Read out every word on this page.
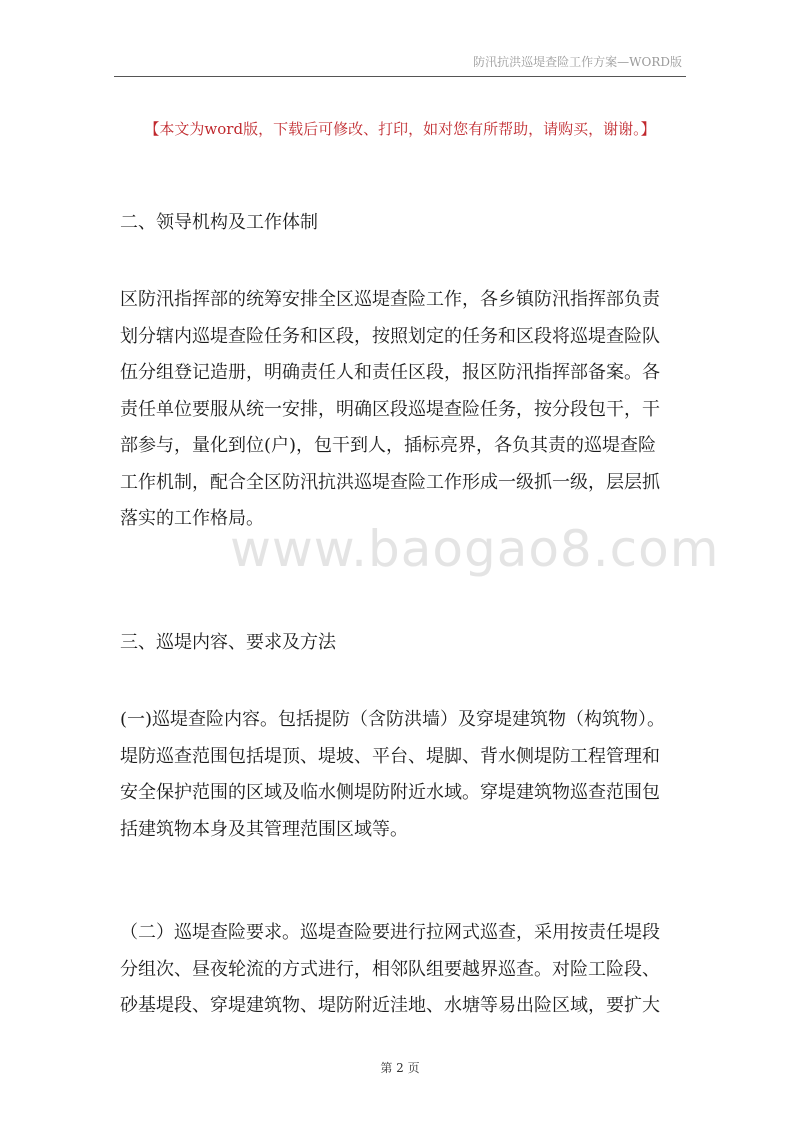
防汛抗洪巡堤查险工作方案—WORD版
【本文为word版，下载后可修改、打印，如对您有所帮助，请购买，谢谢。】
www.baogao8.com
二、领导机构及工作体制
区防汛指挥部的统筹安排全区巡堤查险工作，各乡镇防汛指挥部负责
划分辖内巡堤查险任务和区段，按照划定的任务和区段将巡堤查险队
伍分组登记造册，明确责任人和责任区段，报区防汛指挥部备案。各
责任单位要服从统一安排，明确区段巡堤查险任务，按分段包干，干
部参与，量化到位(户)，包干到人，插标亮界，各负其责的巡堤查险
工作机制，配合全区防汛抗洪巡堤查险工作形成一级抓一级，层层抓
落实的工作格局。
三、巡堤内容、要求及方法
(一)巡堤查险内容。包括提防（含防洪墙）及穿堤建筑物（构筑物）。
堤防巡查范围包括堤顶、堤坡、平台、堤脚、背水侧堤防工程管理和
安全保护范围的区域及临水侧堤防附近水域。穿堤建筑物巡查范围包
括建筑物本身及其管理范围区域等。
（二）巡堤查险要求。巡堤查险要进行拉网式巡查，采用按责任堤段
分组次、昼夜轮流的方式进行，相邻队组要越界巡查。对险工险段、
砂基堤段、穿堤建筑物、堤防附近洼地、水塘等易出险区域，要扩大
第 2 页
